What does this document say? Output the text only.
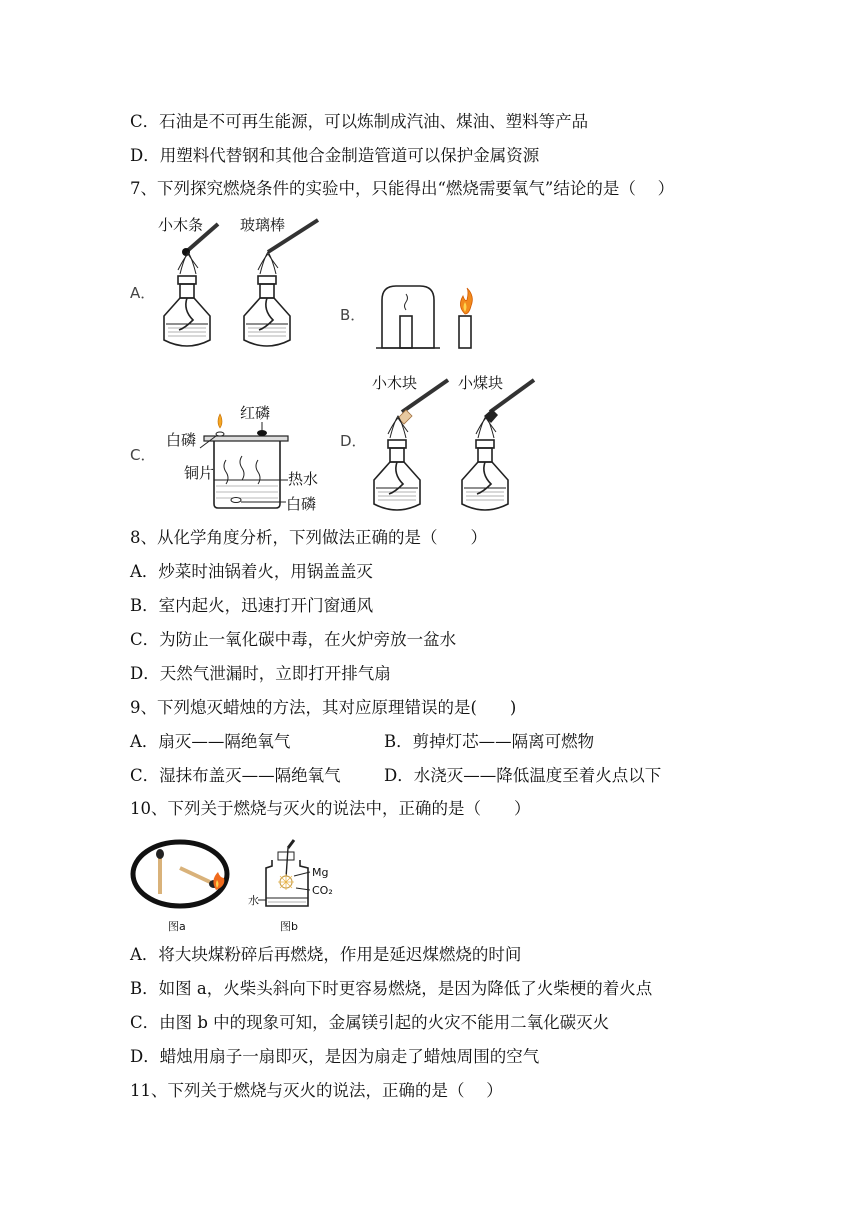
C．石油是不可再生能源，可以炼制成汽油、煤油、塑料等产品
D．用塑料代替钢和其他合金制造管道可以保护金属资源
7、下列探究燃烧条件的实验中，只能得出“燃烧需要氧气”结论的是（　 ）
A．
小木条 玻璃棒
B．
C．
红磷
白磷
铜片	热水
白磷
D．
小木块	小煤块
8、从化学角度分析，下列做法正确的是（　　）
A．炒菜时油锅着火，用锅盖盖灭
B．室内起火，迅速打开门窗通风
C．为防止一氧化碳中毒，在火炉旁放一盆水
D．天然气泄漏时，立即打开排气扇
9、下列熄灭蜡烛的方法，其对应原理错误的是(　　)
A．扇灭——隔绝氧气	B．剪掉灯芯——隔离可燃物
C．湿抹布盖灭——隔绝氧气	D．水浇灭——降低温度至着火点以下
10、下列关于燃烧与灭火的说法中，正确的是（　　）
图a
Mg
CO₂
水
图b
A．将大块煤粉碎后再燃烧，作用是延迟煤燃烧的时间
B．如图 a，火柴头斜向下时更容易燃烧，是因为降低了火柴梗的着火点
C．由图 b 中的现象可知，金属镁引起的火灾不能用二氧化碳灭火
D．蜡烛用扇子一扇即灭，是因为扇走了蜡烛周围的空气
11、下列关于燃烧与灭火的说法，正确的是（　 ）
